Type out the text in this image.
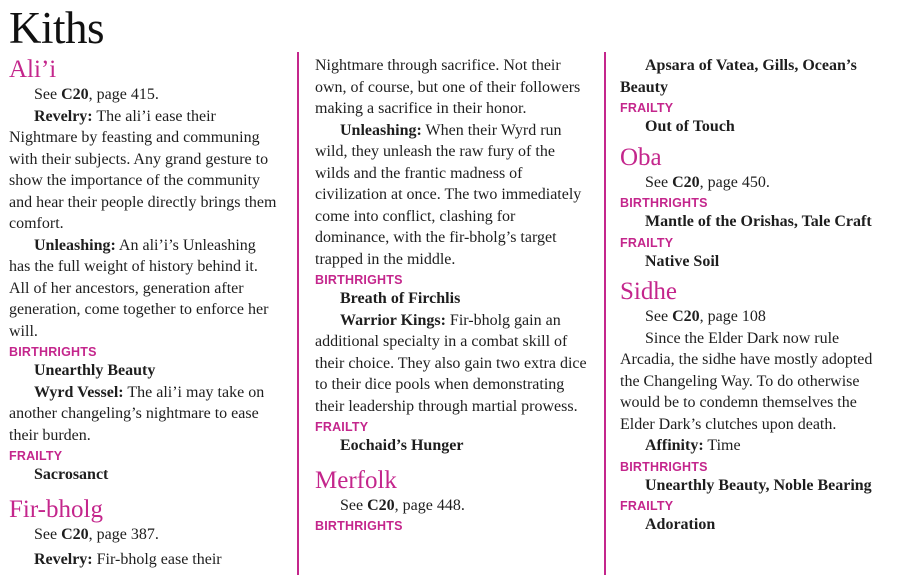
Kiths
Ali’i

See C20, page 415.

Revelry: The ali’i ease their Nightmare by feasting and communing with their subjects. Any grand gesture to show the importance of the community and hear their people directly brings them comfort.

Unleashing: An ali’i’s Unleashing has the full weight of history behind it. All of her ancestors, generation after generation, come together to enforce her will.

BIRTHRIGHTS

Unearthly Beauty

Wyrd Vessel: The ali’i may take on another changeling’s nightmare to ease their burden.

FRAILTY

Sacrosanct

Fir-bholg

See C20, page 387.

Revelry: Fir-bholg ease their

Nightmare through sacrifice. Not their own, of course, but one of their followers making a sacrifice in their honor.

Unleashing: When their Wyrd run wild, they unleash the raw fury of the wilds and the frantic madness of civilization at once. The two immediately come into conflict, clashing for dominance, with the fir-bholg’s target trapped in the middle.

BIRTHRIGHTS

Breath of Firchlis

Warrior Kings: Fir-bholg gain an additional specialty in a combat skill of their choice. They also gain two extra dice to their dice pools when demonstrating their leadership through martial prowess.

FRAILTY

Eochaid’s Hunger

Merfolk

See C20, page 448.

BIRTHRIGHTS

Apsara of Vatea, Gills, Ocean’s Beauty

FRAILTY

Out of Touch

Oba

See C20, page 450.

BIRTHRIGHTS

Mantle of the Orishas, Tale Craft

FRAILTY

Native Soil

Sidhe

See C20, page 108

Since the Elder Dark now rule Arcadia, the sidhe have mostly adopted the Changeling Way. To do otherwise would be to condemn themselves the Elder Dark’s clutches upon death.

Affinity: Time

BIRTHRIGHTS

Unearthly Beauty, Noble Bearing

FRAILTY

Adoration
